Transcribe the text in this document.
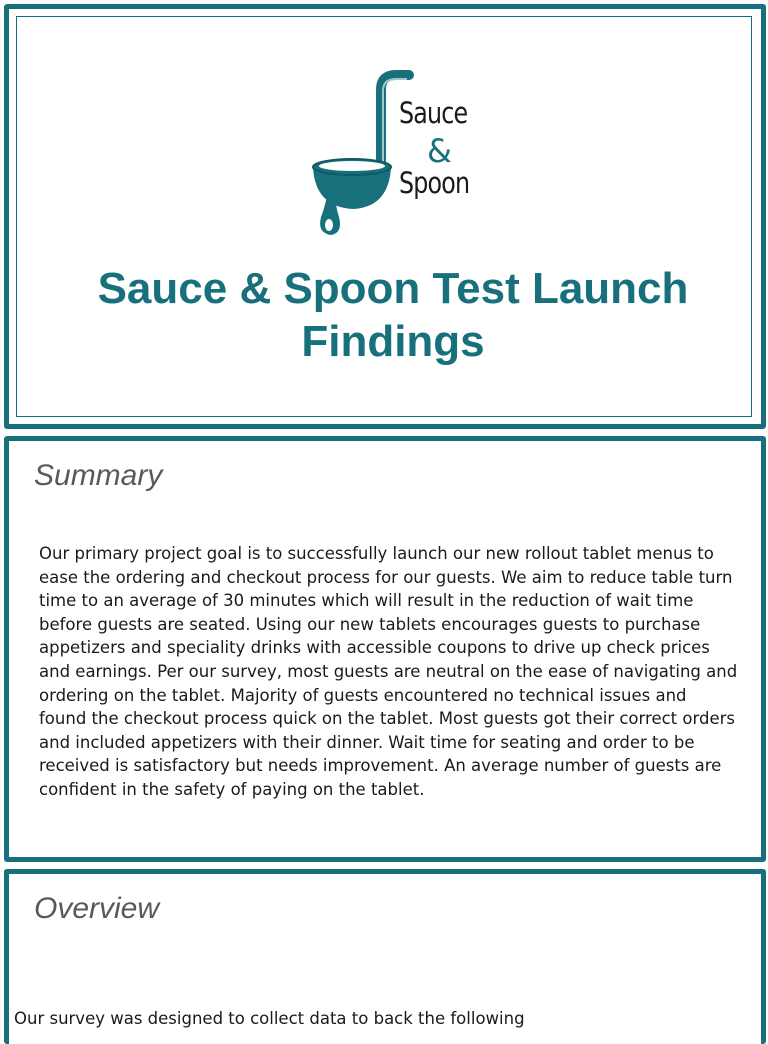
Sauce
&
Spoon
Sauce & Spoon Test Launch Findings
Summary

Our primary project goal is to successfully launch our new rollout tablet menus to ease the ordering and checkout process for our guests. We aim to reduce table turn time to an average of 30 minutes which will result in the reduction of wait time before guests are seated. Using our new tablets encourages guests to purchase appetizers and speciality drinks with accessible coupons to drive up check prices and earnings. Per our survey, most guests are neutral on the ease of navigating and ordering on the tablet. Majority of guests encountered no technical issues and found the checkout process quick on the tablet. Most guests got their correct orders and included appetizers with their dinner. Wait time for seating and order to be received is satisfactory but needs improvement. An average number of guests are confident in the safety of paying on the tablet.

Overview

Our survey was designed to collect data to back the following
